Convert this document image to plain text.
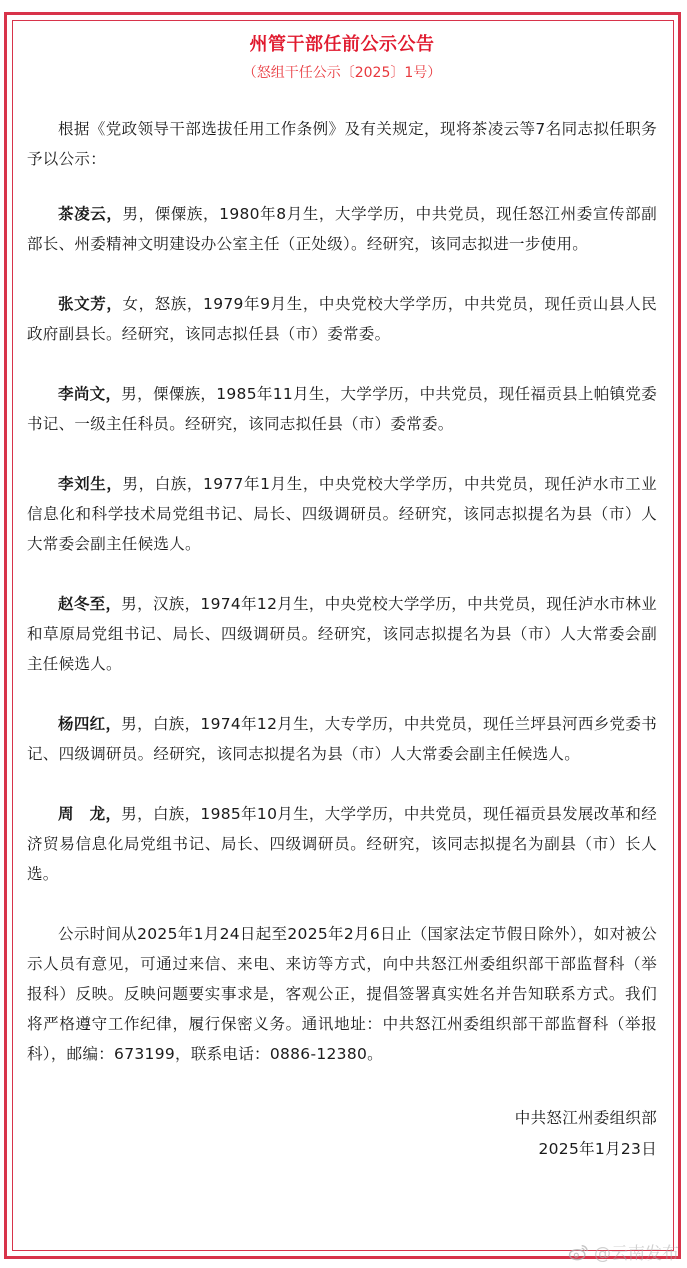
州管干部任前公示公告
（怒组干任公示〔2025〕1号）

根据《党政领导干部选拔任用工作条例》及有关规定，现将茶凌云等7名同志拟任职务予以公示：

茶凌云，男，傈僳族，1980年8月生，大学学历，中共党员，现任怒江州委宣传部副部长、州委精神文明建设办公室主任（正处级）。经研究，该同志拟进一步使用。

张文芳，女，怒族，1979年9月生，中央党校大学学历，中共党员，现任贡山县人民政府副县长。经研究，该同志拟任县（市）委常委。

李尚文，男，傈僳族，1985年11月生，大学学历，中共党员，现任福贡县上帕镇党委书记、一级主任科员。经研究，该同志拟任县（市）委常委。

李刘生，男，白族，1977年1月生，中央党校大学学历，中共党员，现任泸水市工业信息化和科学技术局党组书记、局长、四级调研员。经研究，该同志拟提名为县（市）人大常委会副主任候选人。

赵冬至，男，汉族，1974年12月生，中央党校大学学历，中共党员，现任泸水市林业和草原局党组书记、局长、四级调研员。经研究，该同志拟提名为县（市）人大常委会副主任候选人。

杨四红，男，白族，1974年12月生，大专学历，中共党员，现任兰坪县河西乡党委书记、四级调研员。经研究，该同志拟提名为县（市）人大常委会副主任候选人。

周　龙，男，白族，1985年10月生，大学学历，中共党员，现任福贡县发展改革和经济贸易信息化局党组书记、局长、四级调研员。经研究，该同志拟提名为副县（市）长人选。

公示时间从2025年1月24日起至2025年2月6日止（国家法定节假日除外），如对被公示人员有意见，可通过来信、来电、来访等方式，向中共怒江州委组织部干部监督科（举报科）反映。反映问题要实事求是，客观公正，提倡签署真实姓名并告知联系方式。我们将严格遵守工作纪律，履行保密义务。通讯地址：中共怒江州委组织部干部监督科（举报科），邮编：673199，联系电话：0886-12380。

中共怒江州委组织部
2025年1月23日
@云南发布
